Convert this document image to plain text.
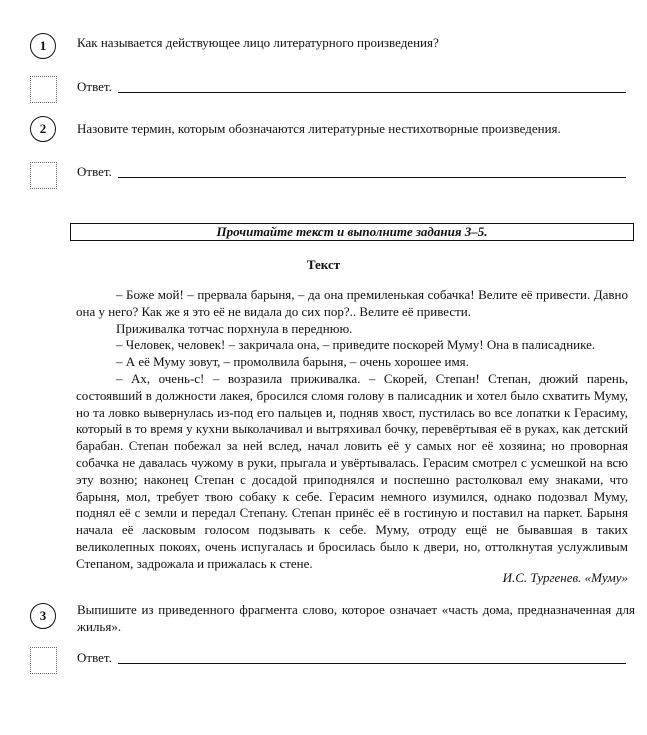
1	Как называется действующее лицо литературного произведения?
Ответ.
2	Назовите термин, которым обозначаются литературные нестихотворные произведения.
Ответ.
Прочитайте текст и выполните задания 3–5.
Текст

– Боже мой! – прервала барыня, – да она премиленькая собачка! Велите её привести. Давно она у него? Как же я это её не видала до сих пор?.. Велите её привести.

Приживалка тотчас порхнула в переднюю.

– Человек, человек! – закричала она, – приведите поскорей Муму! Она в палисаднике.

– А её Муму зовут, – промолвила барыня, – очень хорошее имя.

– Ах, очень-с! – возразила приживалка. – Скорей, Степан! Степан, дюжий парень, состоявший в должности лакея, бросился сломя голову в палисадник и хотел было схватить Муму, но та ловко вывернулась из-под его пальцев и, подняв хвост, пустилась во все лопатки к Герасиму, который в то время у кухни выколачивал и вытряхивал бочку, перевёртывая её в руках, как детский барабан. Степан побежал за ней вслед, начал ловить её у самых ног её хозяина; но проворная собачка не давалась чужому в руки, прыгала и увёртывалась. Герасим смотрел с усмешкой на всю эту возню; наконец Степан с досадой приподнялся и поспешно растолковал ему знаками, что барыня, мол, требует твою собаку к себе. Герасим немного изумился, однако подозвал Муму, поднял её с земли и передал Степану. Степан принёс её в гостиную и поставил на паркет. Барыня начала её ласковым голосом подзывать к себе. Муму, отроду ещё не бывавшая в таких великолепных покоях, очень испугалась и бросилась было к двери, но, оттолкнутая услужливым Степаном, задрожала и прижалась к стене.

И.С. Тургенев. «Муму»
3	Выпишите из приведенного фрагмента слово, которое означает «часть дома, предназначенная для жилья».
Ответ.
